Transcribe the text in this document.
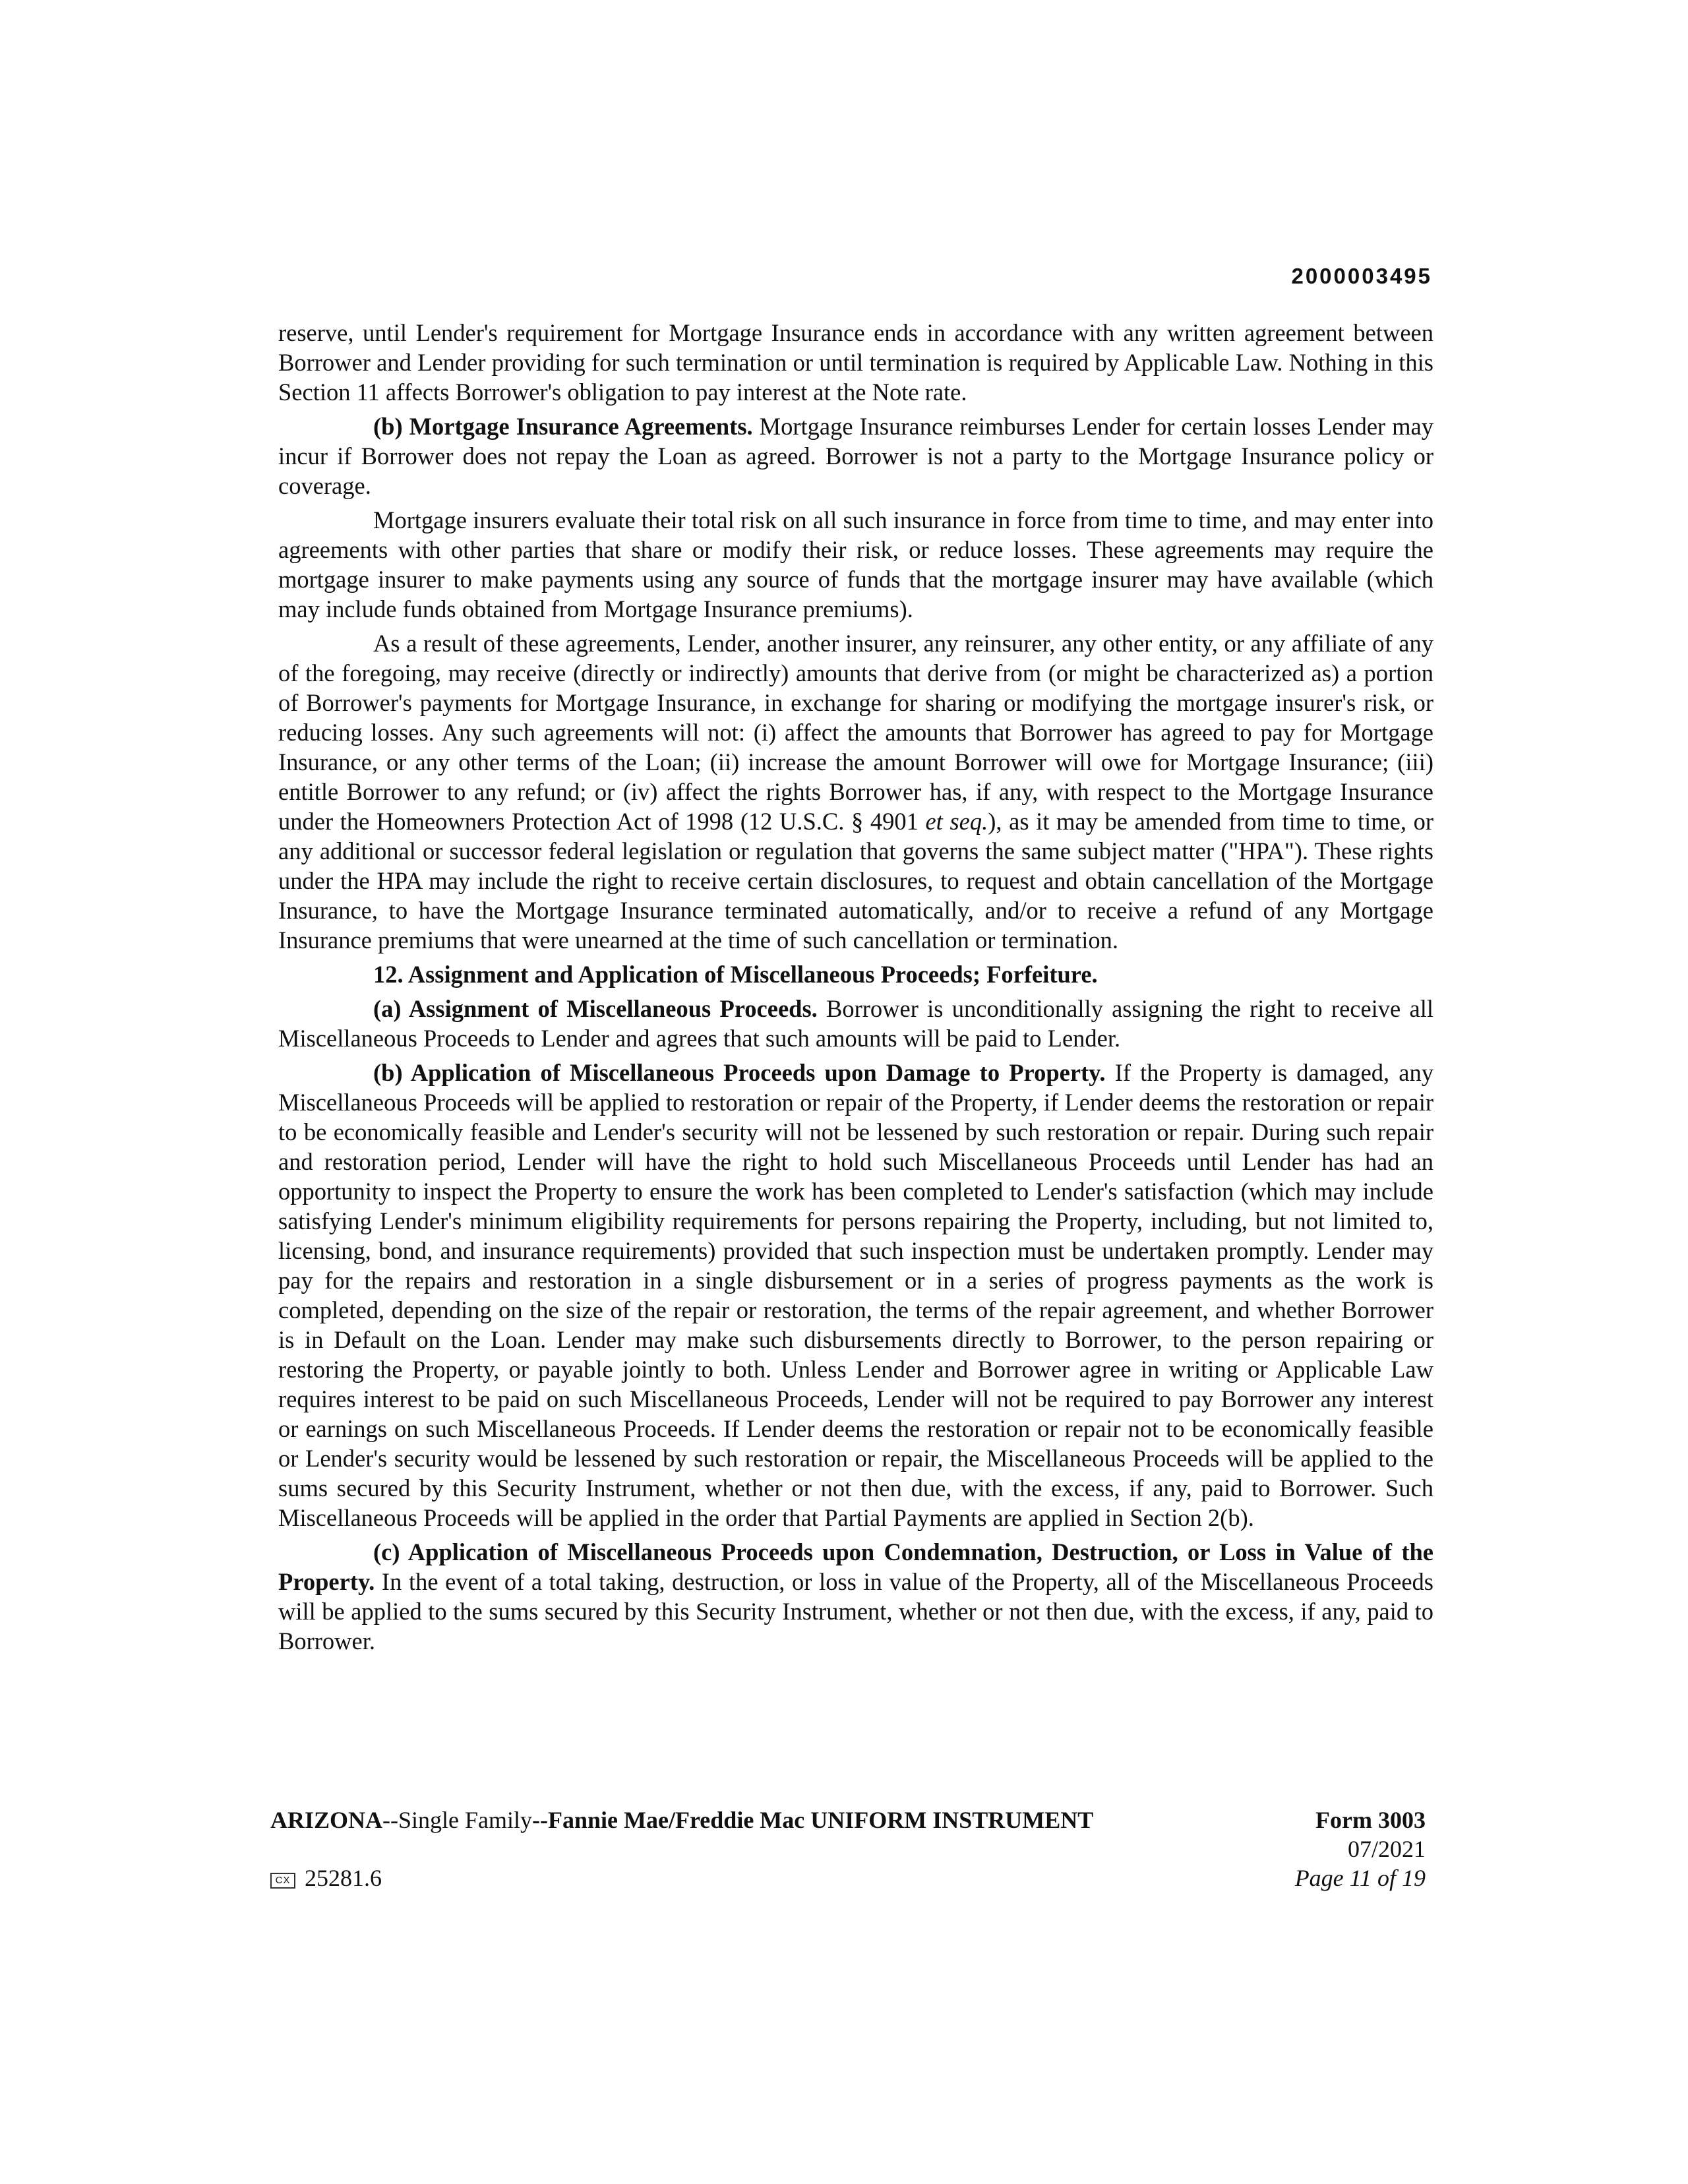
2000003495

reserve, until Lender's requirement for Mortgage Insurance ends in accordance with any written agreement between Borrower and Lender providing for such termination or until termination is required by Applicable Law. Nothing in this Section 11 affects Borrower's obligation to pay interest at the Note rate.

(b) Mortgage Insurance Agreements. Mortgage Insurance reimburses Lender for certain losses Lender may incur if Borrower does not repay the Loan as agreed. Borrower is not a party to the Mortgage Insurance policy or coverage.

Mortgage insurers evaluate their total risk on all such insurance in force from time to time, and may enter into agreements with other parties that share or modify their risk, or reduce losses. These agreements may require the mortgage insurer to make payments using any source of funds that the mortgage insurer may have available (which may include funds obtained from Mortgage Insurance premiums).

As a result of these agreements, Lender, another insurer, any reinsurer, any other entity, or any affiliate of any of the foregoing, may receive (directly or indirectly) amounts that derive from (or might be characterized as) a portion of Borrower's payments for Mortgage Insurance, in exchange for sharing or modifying the mortgage insurer's risk, or reducing losses. Any such agreements will not: (i) affect the amounts that Borrower has agreed to pay for Mortgage Insurance, or any other terms of the Loan; (ii) increase the amount Borrower will owe for Mortgage Insurance; (iii) entitle Borrower to any refund; or (iv) affect the rights Borrower has, if any, with respect to the Mortgage Insurance under the Homeowners Protection Act of 1998 (12 U.S.C. § 4901 et seq.), as it may be amended from time to time, or any additional or successor federal legislation or regulation that governs the same subject matter ("HPA"). These rights under the HPA may include the right to receive certain disclosures, to request and obtain cancellation of the Mortgage Insurance, to have the Mortgage Insurance terminated automatically, and/or to receive a refund of any Mortgage Insurance premiums that were unearned at the time of such cancellation or termination.

12. Assignment and Application of Miscellaneous Proceeds; Forfeiture.

(a) Assignment of Miscellaneous Proceeds. Borrower is unconditionally assigning the right to receive all Miscellaneous Proceeds to Lender and agrees that such amounts will be paid to Lender.

(b) Application of Miscellaneous Proceeds upon Damage to Property. If the Property is damaged, any Miscellaneous Proceeds will be applied to restoration or repair of the Property, if Lender deems the restoration or repair to be economically feasible and Lender's security will not be lessened by such restoration or repair. During such repair and restoration period, Lender will have the right to hold such Miscellaneous Proceeds until Lender has had an opportunity to inspect the Property to ensure the work has been completed to Lender's satisfaction (which may include satisfying Lender's minimum eligibility requirements for persons repairing the Property, including, but not limited to, licensing, bond, and insurance requirements) provided that such inspection must be undertaken promptly. Lender may pay for the repairs and restoration in a single disbursement or in a series of progress payments as the work is completed, depending on the size of the repair or restoration, the terms of the repair agreement, and whether Borrower is in Default on the Loan. Lender may make such disbursements directly to Borrower, to the person repairing or restoring the Property, or payable jointly to both. Unless Lender and Borrower agree in writing or Applicable Law requires interest to be paid on such Miscellaneous Proceeds, Lender will not be required to pay Borrower any interest or earnings on such Miscellaneous Proceeds. If Lender deems the restoration or repair not to be economically feasible or Lender's security would be lessened by such restoration or repair, the Miscellaneous Proceeds will be applied to the sums secured by this Security Instrument, whether or not then due, with the excess, if any, paid to Borrower. Such Miscellaneous Proceeds will be applied in the order that Partial Payments are applied in Section 2(b).

(c) Application of Miscellaneous Proceeds upon Condemnation, Destruction, or Loss in Value of the Property. In the event of a total taking, destruction, or loss in value of the Property, all of the Miscellaneous Proceeds will be applied to the sums secured by this Security Instrument, whether or not then due, with the excess, if any, paid to Borrower.

ARIZONA--Single Family--Fannie Mae/Freddie Mac UNIFORM INSTRUMENT	Form 3003
07/2021
Page 11 of 19
CX 25281.6
